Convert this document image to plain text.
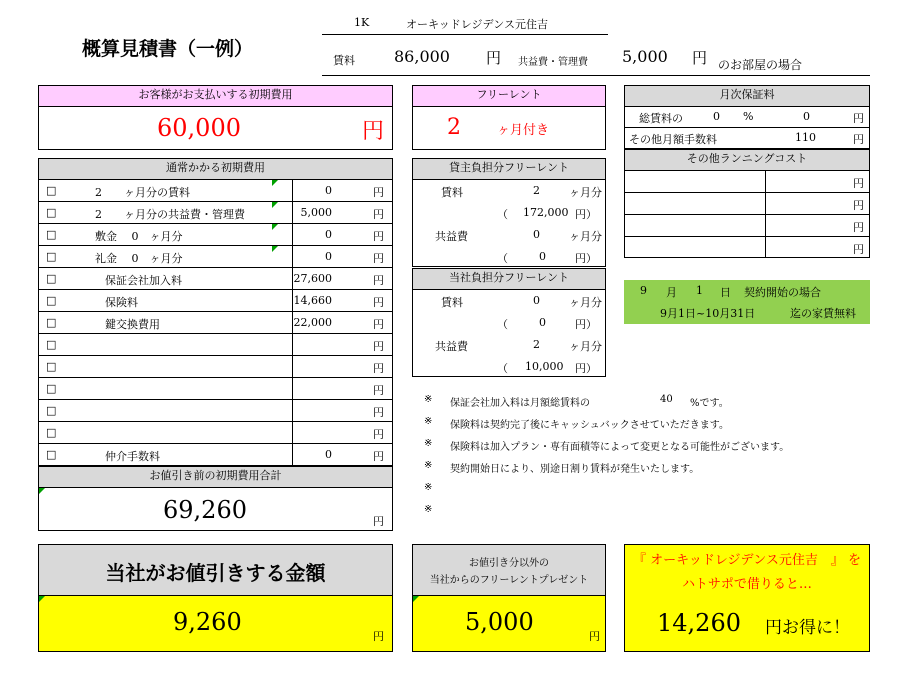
概算見積書（一例）
1K	オーキッドレジデンス元住吉
賃料 86,000 円 共益費・管理費 5,000 円 のお部屋の場合
お客様がお支払いする初期費用
60,000	円
フリーレント
2	ヶ月付き
月次保証料
総賃料の	0 %	0	円
その他月額手数料	110	円
その他ランニングコスト
円
円
円
円
通常かかる初期費用
□	2　　ヶ月分の賃料	0	円
□	2　　ヶ月分の共益費・管理費	5,000	円
□	敷金　 0　ヶ月分	0	円
□	礼金　 0　ヶ月分	0	円
□	保証会社加入料	27,600	円
□	保険料	14,660	円
□	鍵交換費用	22,000	円
□	円
□	円
□	円
□	円
□	円
□	仲介手数料	0	円
お値引き前の初期費用合計
69,260	円
貸主負担分フリーレント
賃料	2	ヶ月分
（ 172,000 円）
共益費	0	ヶ月分
（	0	円）
当社負担分フリーレント
賃料	0	ヶ月分
（	0	円）
共益費	2	ヶ月分
（ 10,000 円）
9 月 1 日 契約開始の場合
9月1日~10月31日	迄の家賃無料
※ 保証会社加入料は月額総賃料の	40 %です。
※ 保険料は契約完了後にキャッシュバックさせていただきます。
※ 保険料は加入プラン・専有面積等によって変更となる可能性がございます。
※ 契約開始日により、別途日割り賃料が発生いたします。
※
※
当社がお値引きする金額
9,260
円
お値引き分以外の
当社からのフリーレントプレゼント
5,000
円
『 オーキッドレジデンス元住吉　』 を
ハトサポで借りると…
14,260 円お得に！
